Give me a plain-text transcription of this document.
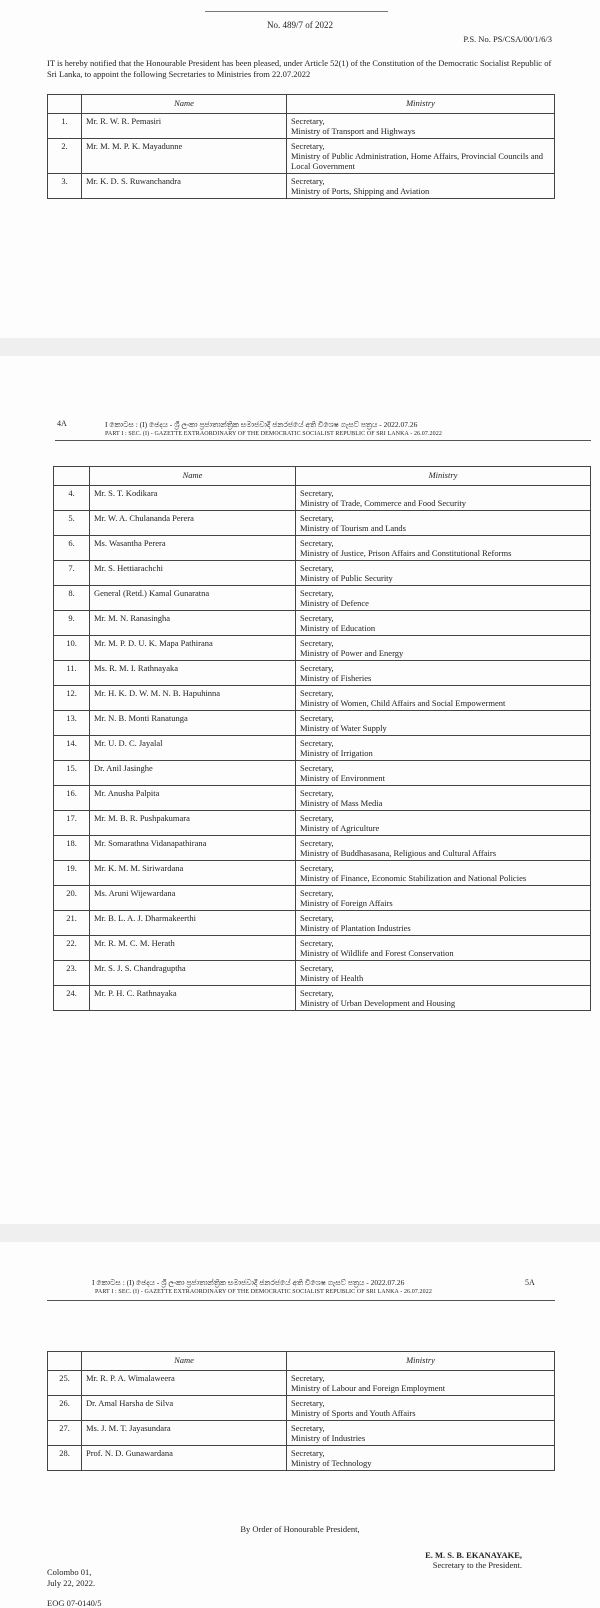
No. 489/7 of 2022
P.S. No. PS/CSA/00/1/6/3
IT is hereby notified that the Honourable President has been pleased, under Article 52(1) of the Constitution of the Democratic Socialist Republic of Sri Lanka, to appoint the following Secretaries to Ministries from 22.07.2022
	Name	Ministry
1.	Mr. R. W. R. Pemasiri	Secretary,
Ministry of Transport and Highways

2.	Mr. M. M. P. K. Mayadunne	Secretary,
Ministry of Public Administration, Home Affairs, Provincial Councils and Local Government

3.	Mr. K. D. S. Ruwanchandra	Secretary,
Ministry of Ports, Shipping and Aviation
4A	I කොටස : (I) ඡෙදය - ශ්‍රී ලංකා ප්‍රජාතාන්ත්‍රික සමාජවාදී ජනරජයේ අති විශෙෂ ගැසට් පත්‍රය - 2022.07.26
PART I : SEC. (I) - GAZETTE EXTRAORDINARY OF THE DEMOCRATIC SOCIALIST REPUBLIC OF SRI LANKA - 26.07.2022
	Name	Ministry
4.	Mr. S. T. Kodikara	Secretary,
Ministry of Trade, Commerce and Food Security

5.	Mr. W. A. Chulananda Perera	Secretary,
Ministry of Tourism and Lands

6.	Ms. Wasantha Perera	Secretary,
Ministry of Justice, Prison Affairs and Constitutional Reforms

7.	Mr. S. Hettiarachchi	Secretary,
Ministry of Public Security

8.	General (Retd.) Kamal Gunaratna	Secretary,
Ministry of Defence

9.	Mr. M. N. Ranasingha	Secretary,
Ministry of Education

10.	Mr. M. P. D. U. K. Mapa Pathirana	Secretary,
Ministry of Power and Energy

11.	Ms. R. M. I. Rathnayaka	Secretary,
Ministry of Fisheries

12.	Mr. H. K. D. W. M. N. B. Hapuhinna	Secretary,
Ministry of Women, Child Affairs and Social Empowerment

13.	Mr. N. B. Monti Ranatunga	Secretary,
Ministry of Water Supply

14.	Mr. U. D. C. Jayalal	Secretary,
Ministry of Irrigation

15.	Dr. Anil Jasinghe	Secretary,
Ministry of Environment

16.	Mr. Anusha Palpita	Secretary,
Ministry of Mass Media

17.	Mr. M. B. R. Pushpakumara	Secretary,
Ministry of Agriculture

18.	Mr. Somarathna Vidanapathirana	Secretary,
Ministry of Buddhasasana, Religious and Cultural Affairs

19.	Mr. K. M. M. Siriwardana	Secretary,
Ministry of Finance, Economic Stabilization and National Policies

20.	Ms. Aruni Wijewardana	Secretary,
Ministry of Foreign Affairs

21.	Mr. B. L. A. J. Dharmakeerthi	Secretary,
Ministry of Plantation Industries

22.	Mr. R. M. C. M. Herath	Secretary,
Ministry of Wildlife and Forest Conservation

23.	Mr. S. J. S. Chandraguptha	Secretary,
Ministry of Health

24.	Mr. P. H. C. Rathnayaka	Secretary,
Ministry of Urban Development and Housing
I කොටස : (I) ඡෙදය - ශ්‍රී ලංකා ප්‍රජාතාන්ත්‍රික සමාජවාදී ජනරජයේ අති විශෙෂ ගැසට් පත්‍රය - 2022.07.26	5A
PART I : SEC. (I) - GAZETTE EXTRAORDINARY OF THE DEMOCRATIC SOCIALIST REPUBLIC OF SRI LANKA - 26.07.2022
	Name	Ministry
25.	Mr. R. P. A. Wimalaweera	Secretary,
Ministry of Labour and Foreign Employment

26.	Dr. Amal Harsha de Silva	Secretary,
Ministry of Sports and Youth Affairs

27.	Ms. J. M. T. Jayasundara	Secretary,
Ministry of Industries

28.	Prof. N. D. Gunawardana	Secretary,
Ministry of Technology
By Order of Honourable President,
E. M. S. B. EKANAYAKE,
Secretary to the President.
Colombo 01,
July 22, 2022.
EOG 07-0140/5
